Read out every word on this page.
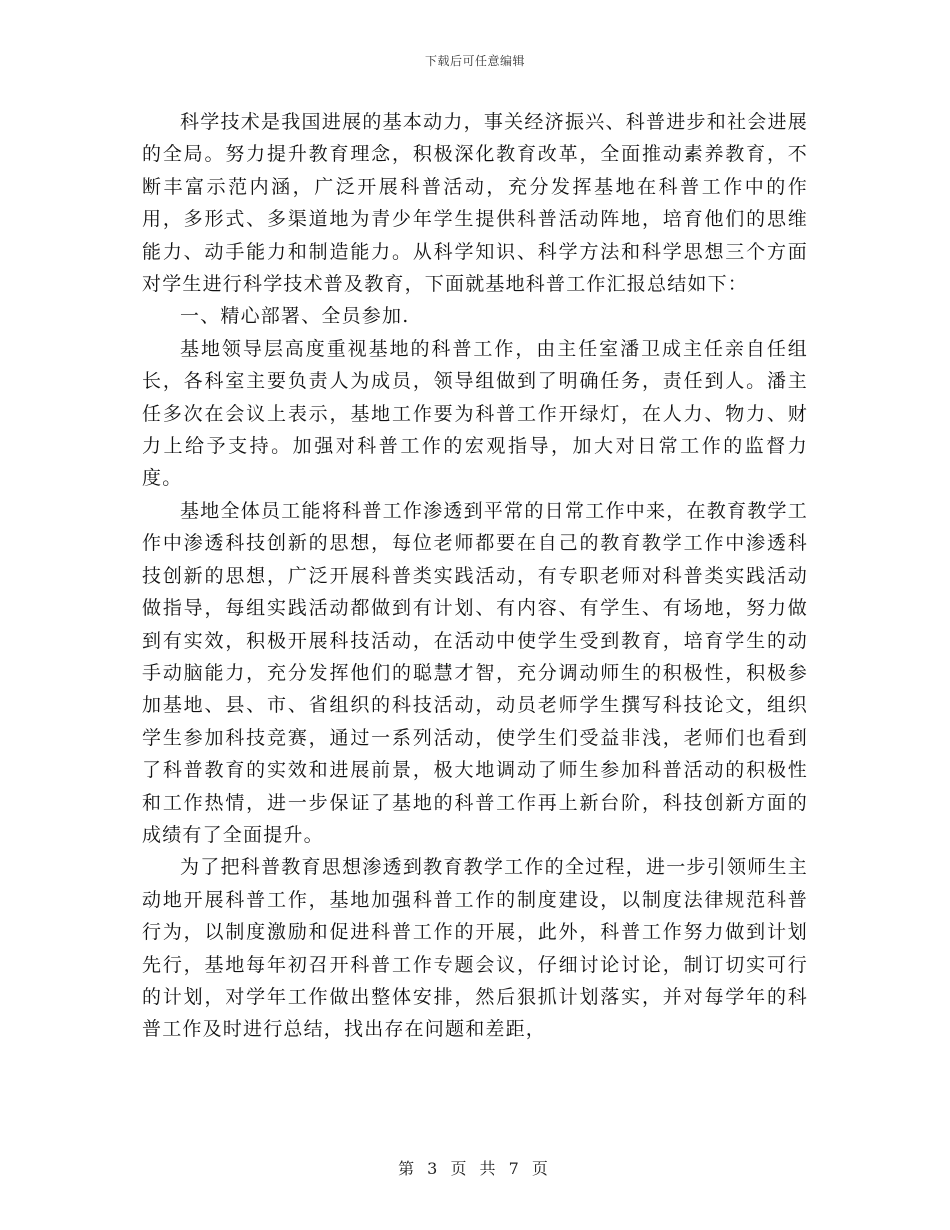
下载后可任意编辑

科学技术是我国进展的基本动力，事关经济振兴、科普进步和社会进展的全局。努力提升教育理念，积极深化教育改革，全面推动素养教育，不断丰富示范内涵，广泛开展科普活动，充分发挥基地在科普工作中的作用，多形式、多渠道地为青少年学生提供科普活动阵地，培育他们的思维能力、动手能力和制造能力。从科学知识、科学方法和科学思想三个方面对学生进行科学技术普及教育，下面就基地科普工作汇报总结如下：

一、精心部署、全员参加.

基地领导层高度重视基地的科普工作，由主任室潘卫成主任亲自任组长，各科室主要负责人为成员，领导组做到了明确任务，责任到人。潘主任多次在会议上表示，基地工作要为科普工作开绿灯，在人力、物力、财力上给予支持。加强对科普工作的宏观指导，加大对日常工作的监督力度。

基地全体员工能将科普工作渗透到平常的日常工作中来，在教育教学工作中渗透科技创新的思想，每位老师都要在自己的教育教学工作中渗透科技创新的思想，广泛开展科普类实践活动，有专职老师对科普类实践活动做指导，每组实践活动都做到有计划、有内容、有学生、有场地，努力做到有实效，积极开展科技活动，在活动中使学生受到教育，培育学生的动手动脑能力，充分发挥他们的聪慧才智，充分调动师生的积极性，积极参加基地、县、市、省组织的科技活动，动员老师学生撰写科技论文，组织学生参加科技竞赛，通过一系列活动，使学生们受益非浅，老师们也看到了科普教育的实效和进展前景，极大地调动了师生参加科普活动的积极性和工作热情，进一步保证了基地的科普工作再上新台阶，科技创新方面的成绩有了全面提升。

为了把科普教育思想渗透到教育教学工作的全过程，进一步引领师生主动地开展科普工作，基地加强科普工作的制度建设，以制度法律规范科普行为，以制度激励和促进科普工作的开展，此外，科普工作努力做到计划先行，基地每年初召开科普工作专题会议，仔细讨论讨论，制订切实可行的计划，对学年工作做出整体安排，然后狠抓计划落实，并对每学年的科普工作及时进行总结，找出存在问题和差距，

第 3 页 共 7 页
